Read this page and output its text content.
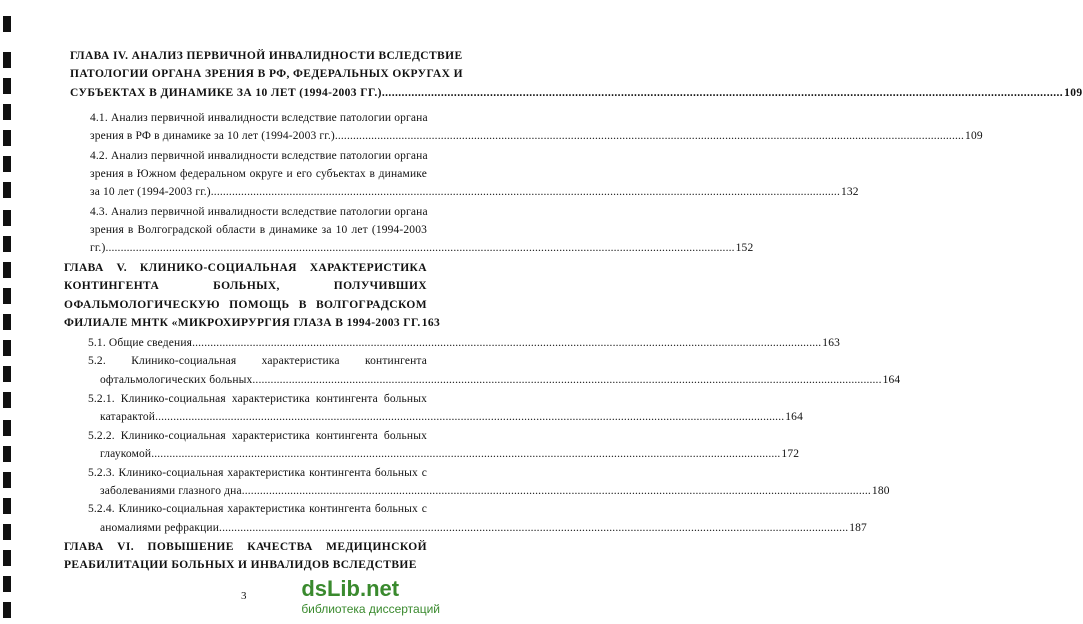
ГЛАВА IV. АНАЛИЗ ПЕРВИЧНОЙ ИНВАЛИДНОСТИ ВСЛЕДСТВИЕ
ПАТОЛОГИИ ОРГАНА ЗРЕНИЯ В РФ, ФЕДЕРАЛЬНЫХ ОКРУГАХ И
СУБЪЕКТАХ В ДИНАМИКЕ ЗА 10 ЛЕТ (1994-2003 ГГ.) .....	109
4.1. Анализ первичной инвалидности вследствие патологии органа
зрения в РФ в динамике за 10 лет (1994-2003 гг.) .....	109
4.2. Анализ первичной инвалидности вследствие патологии органа
зрения в Южном федеральном округе и его субъектах в динамике
за 10 лет (1994-2003 гг.) .....	132
4.3. Анализ первичной инвалидности вследствие патологии органа
зрения в Волгоградской области в динамике за 10 лет (1994-2003
гг.) .....	152
ГЛАВА V. КЛИНИКО-СОЦИАЛЬНАЯ ХАРАКТЕРИСТИКА
КОНТИНГЕНТА БОЛЬНЫХ, ПОЛУЧИВШИХ
ОФАЛЬМОЛОГИЧЕСКУЮ ПОМОЩЬ В ВОЛГОГРАДСКОМ
ФИЛИАЛЕ МНТК «МИКРОХИРУРГИЯ ГЛАЗА В 1994-2003 ГГ. 163
5.1. Общие сведения .....	163
5.2. Клинико-социальная характеристика контингента
офтальмологических больных .....	164
5.2.1. Клинико-социальная характеристика контингента больных
катарактой .....	164
5.2.2. Клинико-социальная характеристика контингента больных
глаукомой .....	172
5.2.3. Клинико-социальная характеристика контингента больных с
заболеваниями глазного дна .....	180
5.2.4. Клинико-социальная характеристика контингента больных с
аномалиями рефракции .....	187
ГЛАВА VI. ПОВЫШЕНИЕ КАЧЕСТВА МЕДИЦИНСКОЙ
РЕАБИЛИТАЦИИ БОЛЬНЫХ И ИНВАЛИДОВ ВСЛЕДСТВИЕ
3 dsLib.net
библиотека диссертаций
